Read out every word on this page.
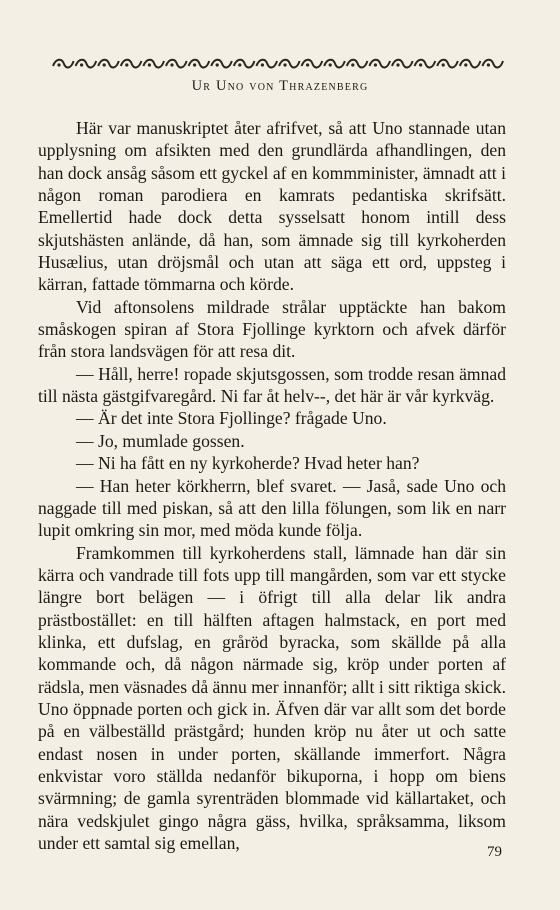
Ur Uno von Thrazenberg

Här var manuskriptet åter afrifvet, så att Uno stannade utan upplysning om afsikten med den grundlärda afhandlingen, den han dock ansåg såsom ett gyckel af en kommminister, ämnadt att i någon roman parodiera en kamrats pedantiska skrifsätt. Emellertid hade dock detta sysselsatt honom intill dess skjutshästen anlände, då han, som ämnade sig till kyrkoherden Husælius, utan dröjsmål och utan att säga ett ord, uppsteg i kärran, fattade tömmarna och körde.

Vid aftonsolens mildrade strålar upptäckte han bakom småskogen spiran af Stora Fjollinge kyrktorn och afvek därför från stora landsvägen för att resa dit.

— Håll, herre! ropade skjutsgossen, som trodde resan ämnad till nästa gästgifvaregård. Ni far åt helv--, det här är vår kyrkväg.

— Är det inte Stora Fjollinge? frågade Uno.

— Jo, mumlade gossen.

— Ni ha fått en ny kyrkoherde? Hvad heter han?

— Han heter körkherrn, blef svaret. — Jaså, sade Uno och naggade till med piskan, så att den lilla fölungen, som lik en narr lupit omkring sin mor, med möda kunde följa.

Framkommen till kyrkoherdens stall, lämnade han där sin kärra och vandrade till fots upp till mangården, som var ett stycke längre bort belägen — i öfrigt till alla delar lik andra prästbostället: en till hälften aftagen halmstack, en port med klinka, ett dufslag, en gråröd byracka, som skällde på alla kommande och, då någon närmade sig, kröp under porten af rädsla, men väsnades då ännu mer innanför; allt i sitt riktiga skick. Uno öppnade porten och gick in. Äfven där var allt som det borde på en välbeställd prästgård; hunden kröp nu åter ut och satte endast nosen in under porten, skällande immerfort. Några enkvistar voro ställda nedanför bikuporna, i hopp om biens svärmning; de gamla syrenträden blommade vid källartaket, och nära vedskjulet gingo några gäss, hvilka, språksamma, liksom under ett samtal sig emellan,	79
